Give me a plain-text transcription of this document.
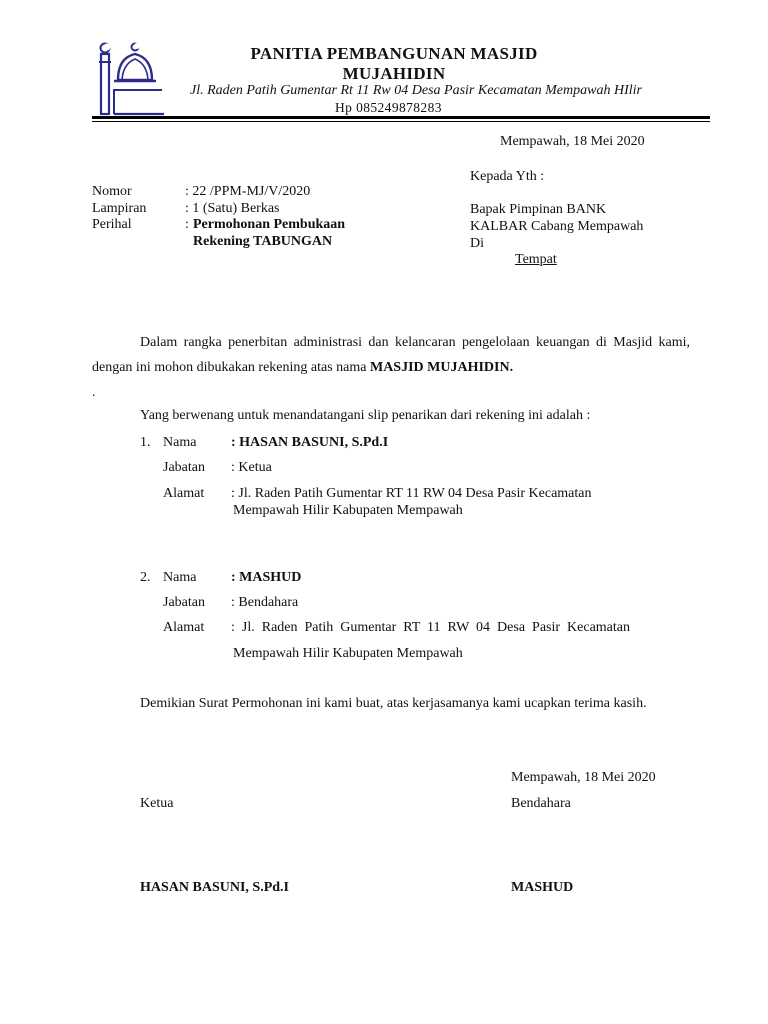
PANITIA PEMBANGUNAN MASJID
MUJAHIDIN
Jl. Raden Patih Gumentar Rt 11 Rw 04 Desa Pasir Kecamatan Mempawah HIlir
Hp 085249878283
Mempawah, 18 Mei 2020
Kepada Yth :
Bapak Pimpinan BANK
KALBAR Cabang Mempawah
Di
Tempat
Nomor	: 22 /PPM-MJ/V/2020
Lampiran	: 1 (Satu) Berkas
Perihal	: Permohonan Pembukaan
Rekening TABUNGAN
Dalam rangka penerbitan administrasi dan kelancaran pengelolaan keuangan di Masjid kami, dengan ini mohon dibukakan rekening atas nama MASJID MUJAHIDIN.
.
Yang berwenang untuk menandatangani slip penarikan dari rekening ini adalah :
1. Nama : HASAN BASUNI, S.Pd.I
Jabatan : Ketua
Alamat : Jl. Raden Patih Gumentar RT 11 RW 04 Desa Pasir Kecamatan
Mempawah Hilir Kabupaten Mempawah
2. Nama : MASHUD
Jabatan : Bendahara
Alamat :  Jl.  Raden  Patih  Gumentar  RT  11  RW  04  Desa  Pasir  Kecamatan
Mempawah Hilir Kabupaten Mempawah
Demikian Surat Permohonan ini kami buat, atas kerjasamanya kami ucapkan terima kasih.
Mempawah, 18 Mei 2020
Ketua	Bendahara
HASAN BASUNI, S.Pd.I	MASHUD
